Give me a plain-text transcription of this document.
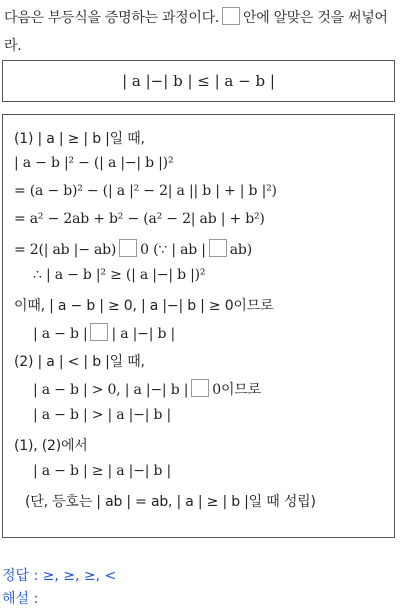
다음은 부등식을 증명하는 과정이다. 안에 알맞은 것을 써넣어
라.
| a |−| b | ≤ | a − b |
(1) | a | ≥ | b |일 때,
| a − b |² − (| a |−| b |)²
= (a − b)² − (| a |² − 2| a || b | + | b |²)
= a² − 2ab + b² − (a² − 2| ab | + b²)
= 2(| ab |− ab) 0 (∵ | ab | ab)
∴ | a − b |² ≥ (| a |−| b |)²
이때, | a − b | ≥ 0, | a |−| b | ≥ 0이므로
| a − b | | a |−| b |
(2) | a | < | b |일 때,
| a − b | > 0, | a |−| b | 0이므로
| a − b | > | a |−| b |
(1), (2)에서
| a − b | ≥ | a |−| b |
(단, 등호는 | ab | = ab, | a | ≥ | b |일 때 성립)
정답 : ≥, ≥, ≥, <
해설 :
